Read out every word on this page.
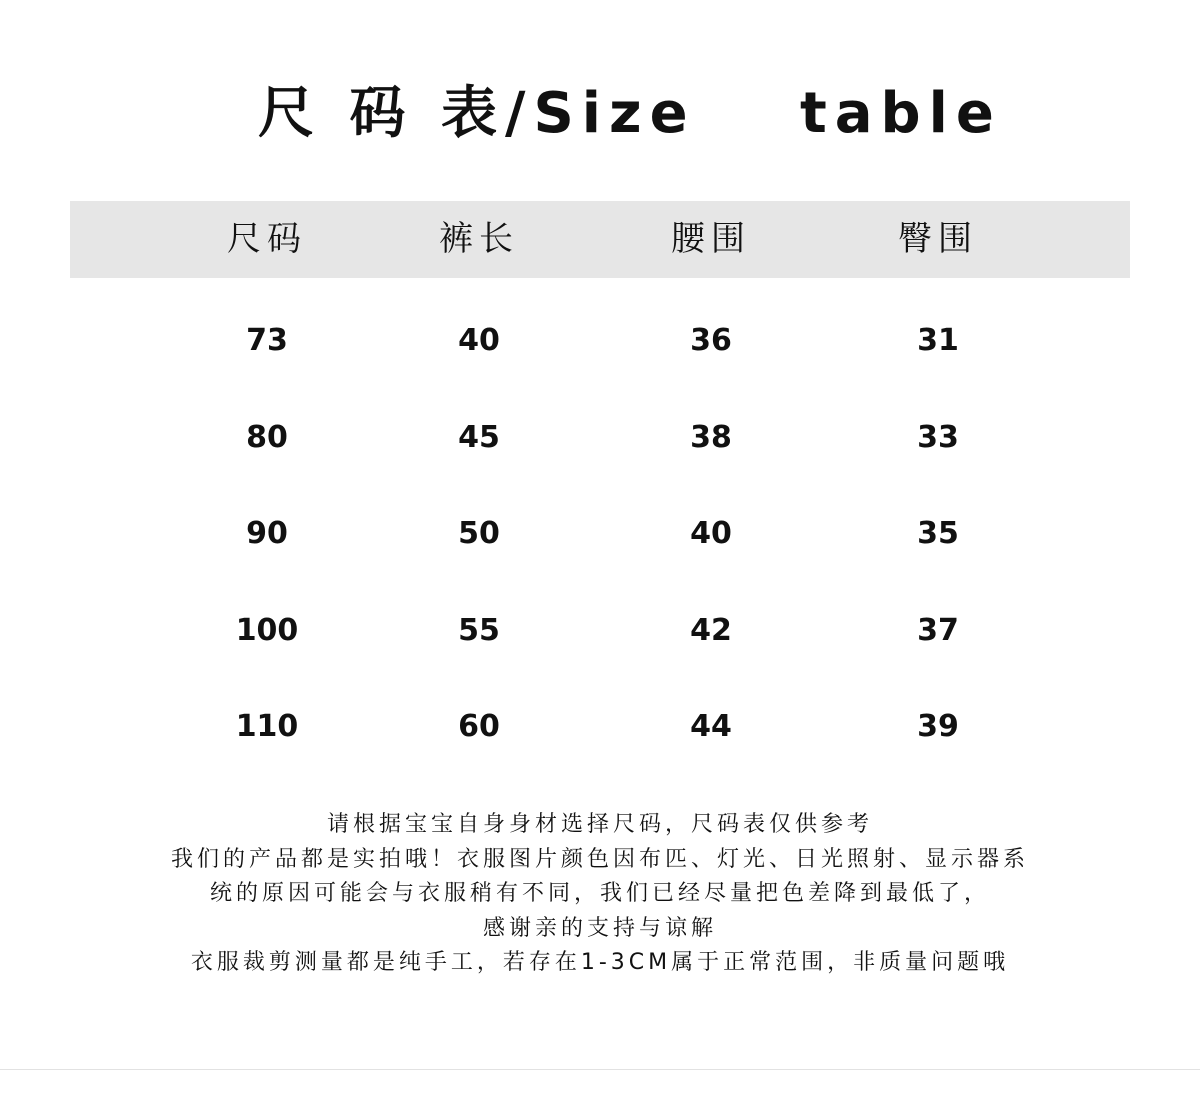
尺 码 表/Size table
尺码	裤长	腰围	臀围
73	40	36	31
80	45	38	33
90	50	40	35
100	55	42	37
110	60	44	39
请根据宝宝自身身材选择尺码，尺码表仅供参考
我们的产品都是实拍哦！衣服图片颜色因布匹、灯光、日光照射、显示器系
统的原因可能会与衣服稍有不同，我们已经尽量把色差降到最低了，
感谢亲的支持与谅解
衣服裁剪测量都是纯手工，若存在1-3CM属于正常范围，非质量问题哦
